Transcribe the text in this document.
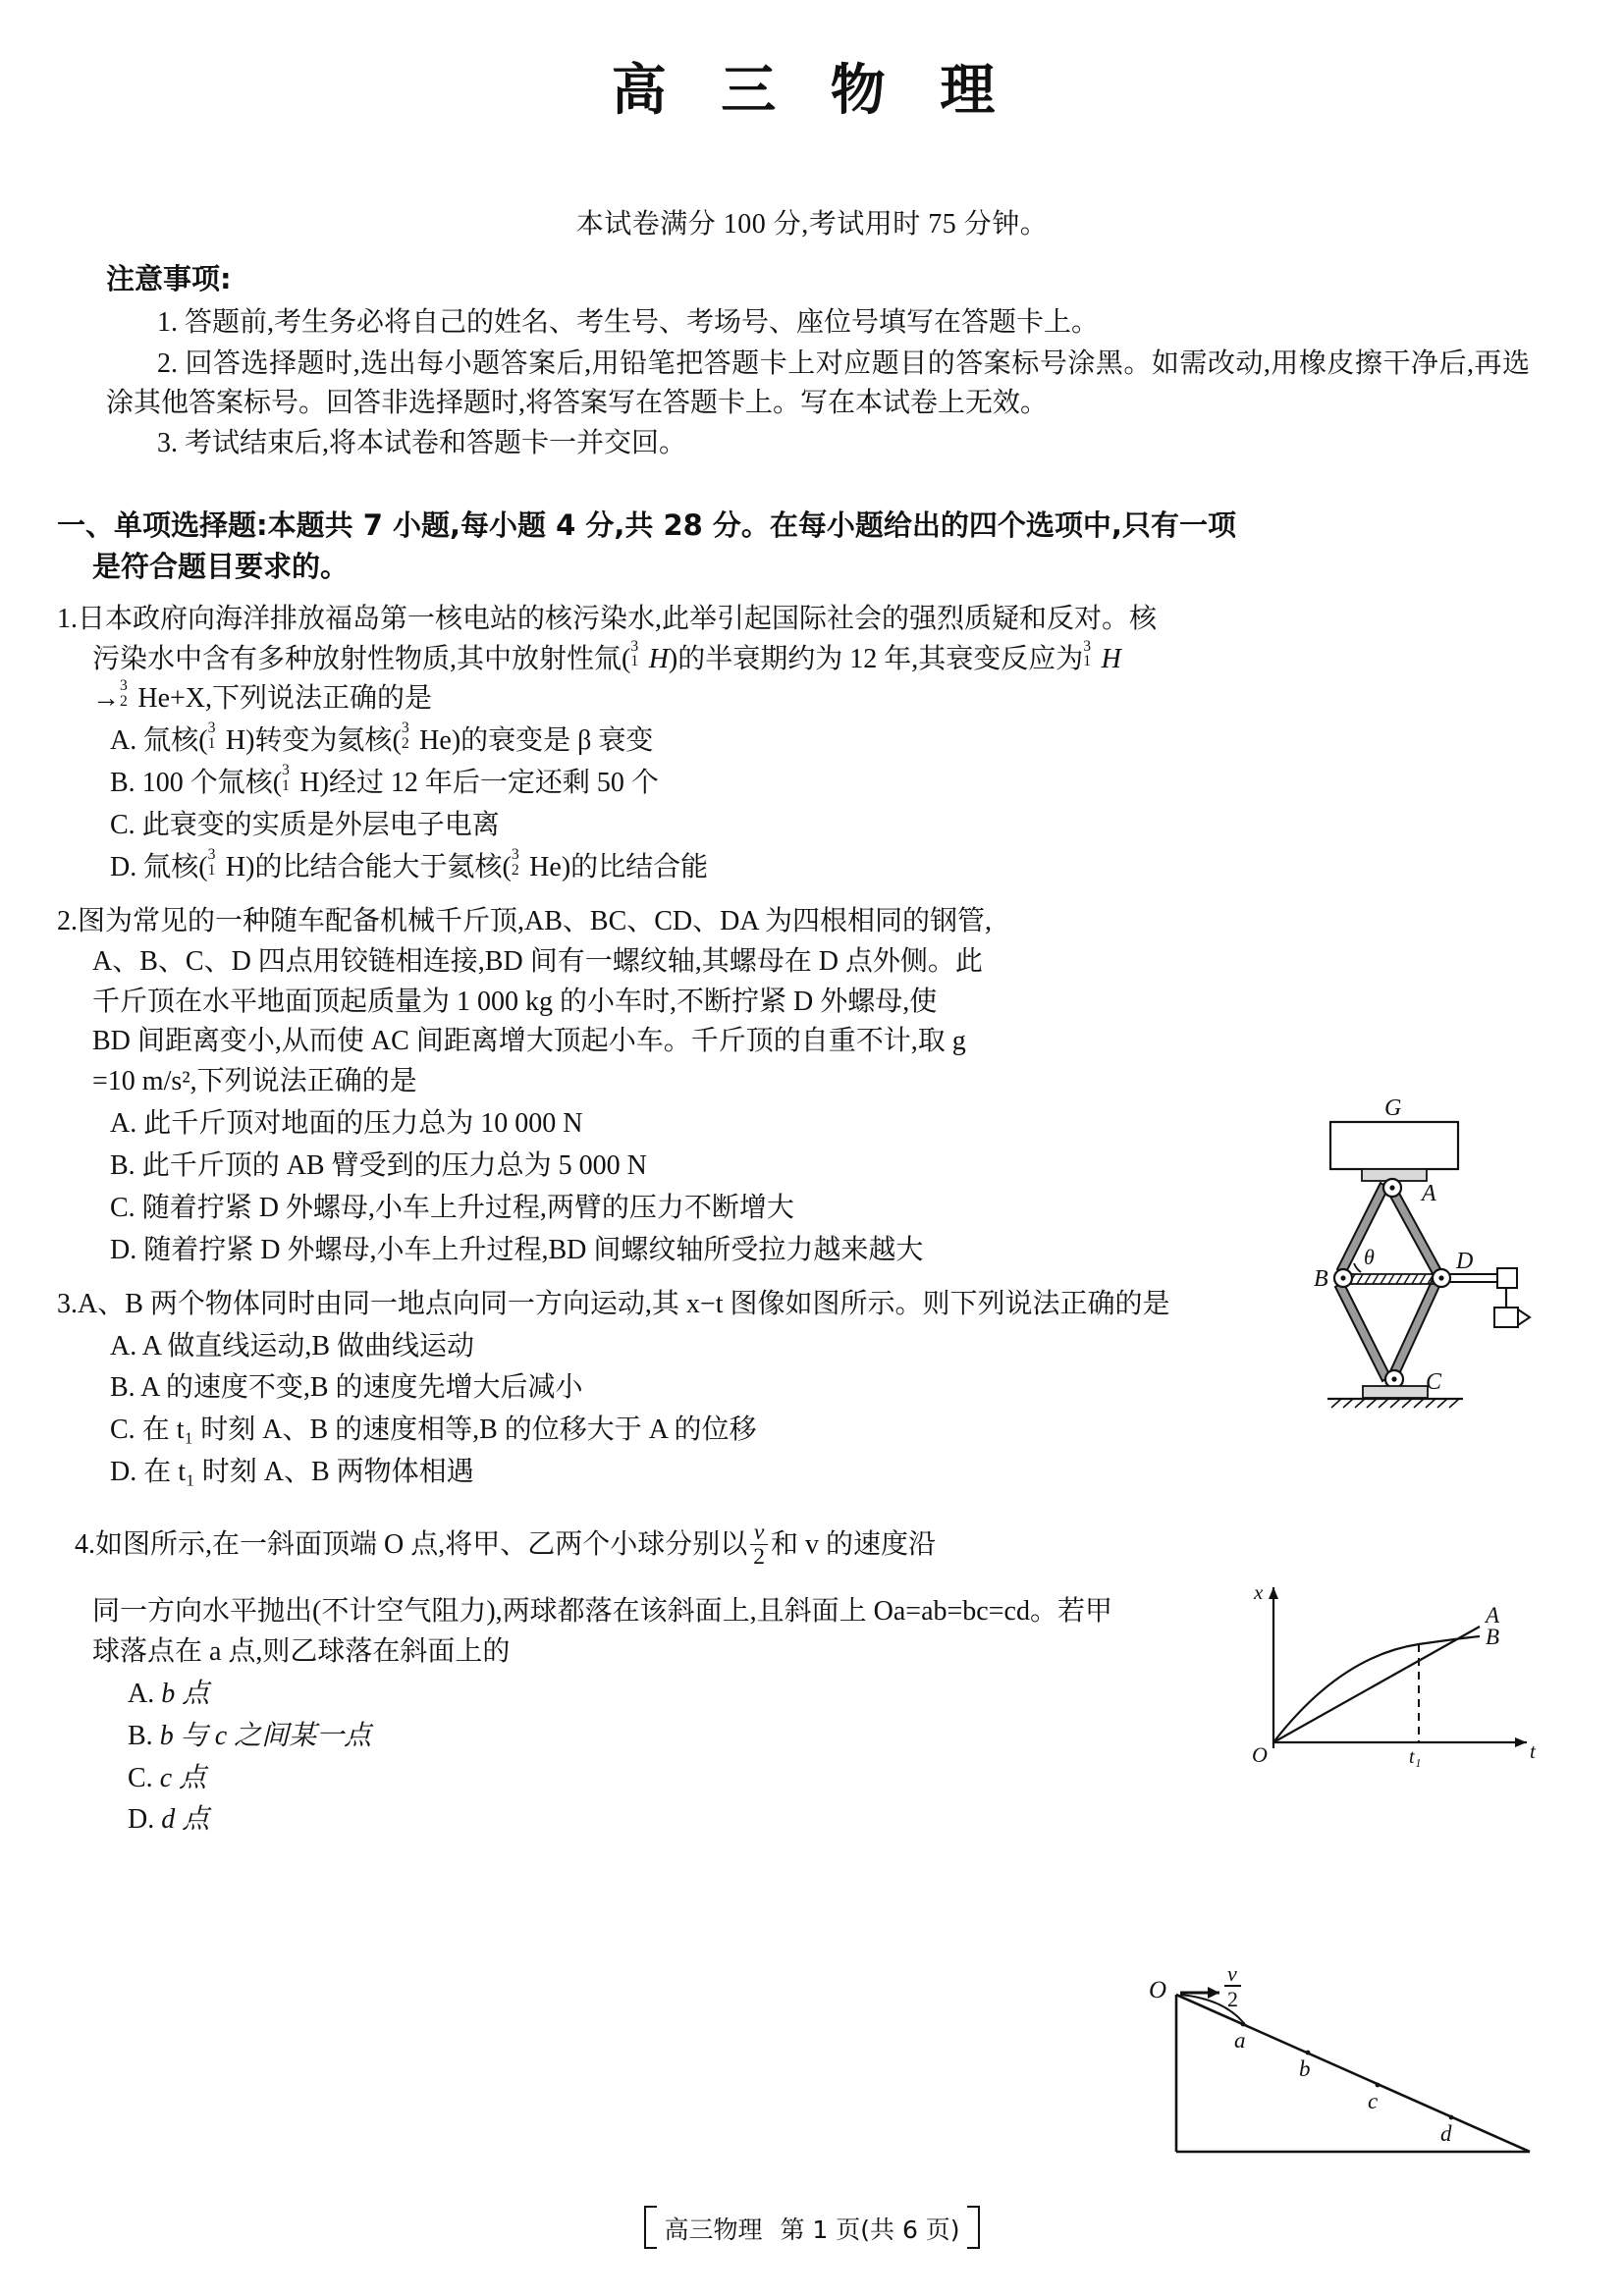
高 三 物 理
本试卷满分 100 分,考试用时 75 分钟。
注意事项:
1. 答题前,考生务必将自己的姓名、考生号、考场号、座位号填写在答题卡上。
2. 回答选择题时,选出每小题答案后,用铅笔把答题卡上对应题目的答案标号涂黑。如需改动,用橡皮擦干净后,再选涂其他答案标号。回答非选择题时,将答案写在答题卡上。写在本试卷上无效。
3. 考试结束后,将本试卷和答题卡一并交回。
一、单项选择题:本题共 7 小题,每小题 4 分,共 28 分。在每小题给出的四个选项中,只有一项
是符合题目要求的。
1.日本政府向海洋排放福岛第一核电站的核污染水,此举引起国际社会的强烈质疑和反对。核
污染水中含有多种放射性物质,其中放射性氚( 3
1 H)的半衰期约为 12 年,其衰变反应为 3
1 H
→ 3
2 He+X,下列说法正确的是
A. 氚核( 3
1 H)转变为氦核( 3
2 He)的衰变是 β 衰变
B. 100 个氚核( 3
1 H)经过 12 年后一定还剩 50 个
C. 此衰变的实质是外层电子电离
D. 氚核( 3
1 H)的比结合能大于氦核( 3
2 He)的比结合能
2.图为常见的一种随车配备机械千斤顶,AB、BC、CD、DA 为四根相同的钢管,
A、B、C、D 四点用铰链相连接,BD 间有一螺纹轴,其螺母在 D 点外侧。此
千斤顶在水平地面顶起质量为 1 000 kg 的小车时,不断拧紧 D 外螺母,使
BD 间距离变小,从而使 AC 间距离增大顶起小车。千斤顶的自重不计,取 g
=10 m/s²,下列说法正确的是
A. 此千斤顶对地面的压力总为 10 000 N
B. 此千斤顶的 AB 臂受到的压力总为 5 000 N
C. 随着拧紧 D 外螺母,小车上升过程,两臂的压力不断增大
D. 随着拧紧 D 外螺母,小车上升过程,BD 间螺纹轴所受拉力越来越大
3.A、B 两个物体同时由同一地点向同一方向运动,其 x−t 图像如图所示。则下列说法正确的是
A. A 做直线运动,B 做曲线运动
B. A 的速度不变,B 的速度先增大后减小
C. 在 t₁ 时刻 A、B 的速度相等,B 的位移大于 A 的位移
D. 在 t₁ 时刻 A、B 两物体相遇
4.如图所示,在一斜面顶端 O 点,将甲、乙两个小球分别以 $\frac{v}{2}$ 和 v 的速度沿
同一方向水平抛出(不计空气阻力),两球都落在该斜面上,且斜面上 Oa=ab=bc=cd。若甲
球落点在 a 点,则乙球落在斜面上的
A. b 点
B. b 与 c 之间某一点
C. c 点
D. d 点
G
A
B
D
C
θ
x
t
O	t₁
A
B
O
a
b
c
d
v
2
高三物理 第 1 页(共 6 页)
